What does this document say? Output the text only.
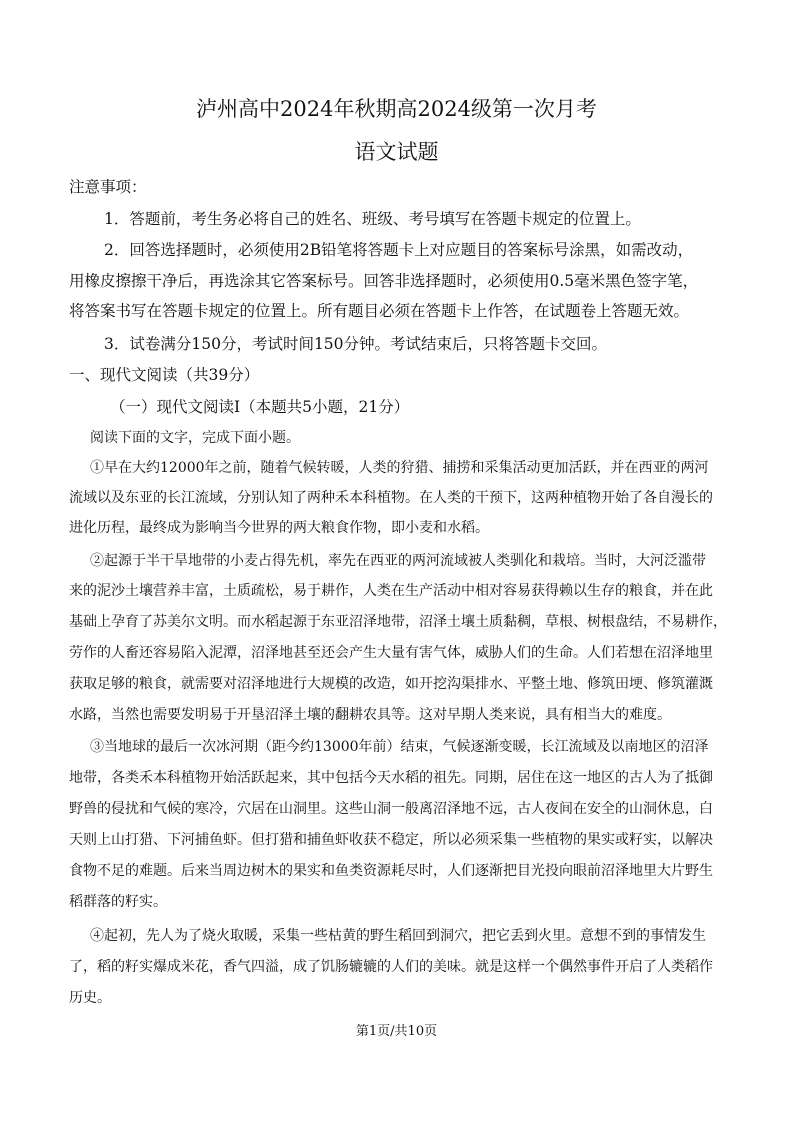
泸州高中2024年秋期高2024级第一次月考
语文试题
注意事项：
1．答题前，考生务必将自己的姓名、班级、考号填写在答题卡规定的位置上。
2．回答选择题时，必须使用2B铅笔将答题卡上对应题目的答案标号涂黑，如需改动，
用橡皮擦擦干净后，再选涂其它答案标号。回答非选择题时，必须使用0.5毫米黑色签字笔，
将答案书写在答题卡规定的位置上。所有题目必须在答题卡上作答，在试题卷上答题无效。
3．试卷满分150分，考试时间150分钟。考试结束后，只将答题卡交回。
一、现代文阅读（共39分）
（一）现代文阅读I（本题共5小题，21分）
阅读下面的文字，完成下面小题。
①早在大约12000年之前，随着气候转暖，人类的狩猎、捕捞和采集活动更加活跃，并在西亚的两河
流域以及东亚的长江流域，分别认知了两种禾本科植物。在人类的干预下，这两种植物开始了各自漫长的
进化历程，最终成为影响当今世界的两大粮食作物，即小麦和水稻。
②起源于半干旱地带的小麦占得先机，率先在西亚的两河流域被人类驯化和栽培。当时，大河泛滥带
来的泥沙土壤营养丰富，土质疏松，易于耕作，人类在生产活动中相对容易获得赖以生存的粮食，并在此
基础上孕育了苏美尔文明。而水稻起源于东亚沼泽地带，沼泽土壤土质黏稠，草根、树根盘结，不易耕作，
劳作的人畜还容易陷入泥潭，沼泽地甚至还会产生大量有害气体，威胁人们的生命。人们若想在沼泽地里
获取足够的粮食，就需要对沼泽地进行大规模的改造，如开挖沟渠排水、平整土地、修筑田埂、修筑灌溉
水路，当然也需要发明易于开垦沼泽土壤的翻耕农具等。这对早期人类来说，具有相当大的难度。
③当地球的最后一次冰河期（距今约13000年前）结束，气候逐渐变暖，长江流域及以南地区的沼泽
地带，各类禾本科植物开始活跃起来，其中包括今天水稻的祖先。同期，居住在这一地区的古人为了抵御
野兽的侵扰和气候的寒冷，穴居在山洞里。这些山洞一般离沼泽地不远，古人夜间在安全的山洞休息，白
天则上山打猎、下河捕鱼虾。但打猎和捕鱼虾收获不稳定，所以必须采集一些植物的果实或籽实，以解决
食物不足的难题。后来当周边树木的果实和鱼类资源耗尽时，人们逐渐把目光投向眼前沼泽地里大片野生
稻群落的籽实。
④起初，先人为了烧火取暖，采集一些枯黄的野生稻回到洞穴，把它丢到火里。意想不到的事情发生
了，稻的籽实爆成米花，香气四溢，成了饥肠辘辘的人们的美味。就是这样一个偶然事件开启了人类稻作
历史。
第1页/共10页
